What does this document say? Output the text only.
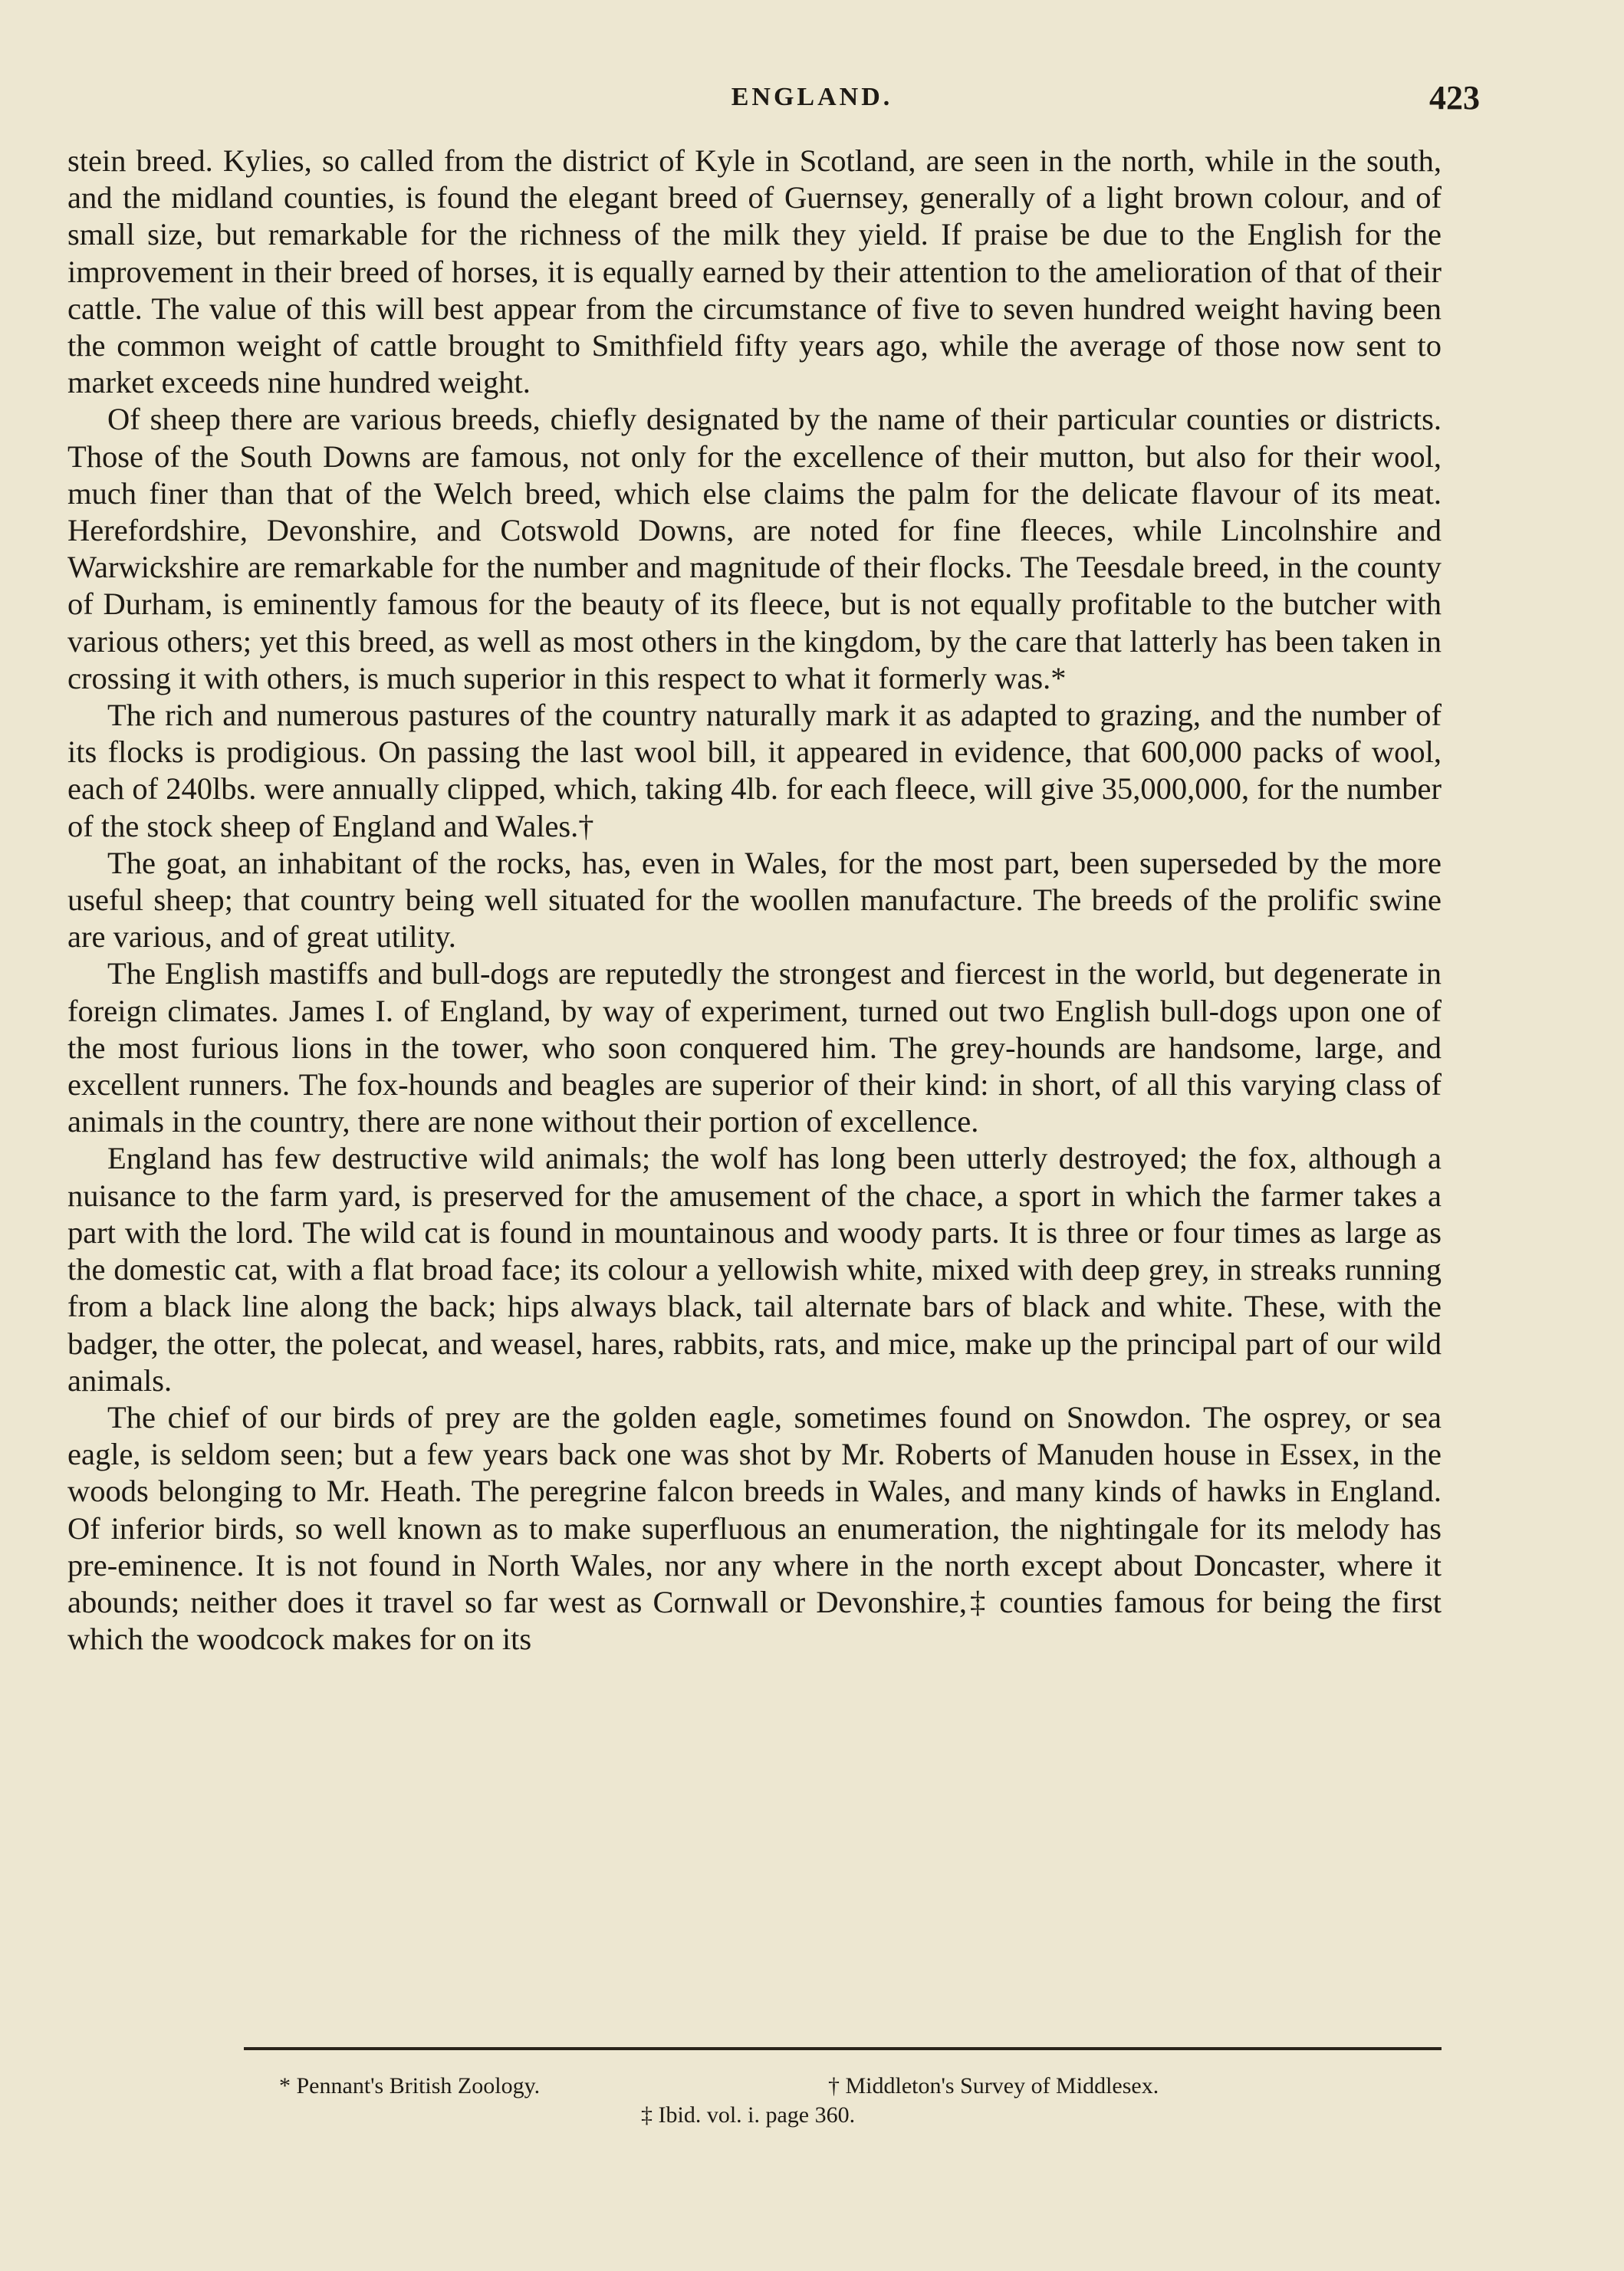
ENGLAND.	423

stein breed. Kylies, so called from the district of Kyle in Scotland, are seen in the north, while in the south, and the midland counties, is found the elegant breed of Guernsey, generally of a light brown colour, and of small size, but remarkable for the richness of the milk they yield. If praise be due to the English for the improvement in their breed of horses, it is equally earned by their attention to the amelioration of that of their cattle. The value of this will best appear from the circumstance of five to seven hundred weight having been the common weight of cattle brought to Smithfield fifty years ago, while the average of those now sent to market exceeds nine hundred weight.

Of sheep there are various breeds, chiefly designated by the name of their particular counties or districts. Those of the South Downs are famous, not only for the excellence of their mutton, but also for their wool, much finer than that of the Welch breed, which else claims the palm for the delicate flavour of its meat. Herefordshire, Devonshire, and Cotswold Downs, are noted for fine fleeces, while Lincolnshire and Warwickshire are remarkable for the number and magnitude of their flocks. The Teesdale breed, in the county of Durham, is eminently famous for the beauty of its fleece, but is not equally profitable to the butcher with various others; yet this breed, as well as most others in the kingdom, by the care that latterly has been taken in crossing it with others, is much superior in this respect to what it formerly was.*

The rich and numerous pastures of the country naturally mark it as adapted to grazing, and the number of its flocks is prodigious. On passing the last wool bill, it appeared in evidence, that 600,000 packs of wool, each of 240lbs. were annually clipped, which, taking 4lb. for each fleece, will give 35,000,000, for the number of the stock sheep of England and Wales.†

The goat, an inhabitant of the rocks, has, even in Wales, for the most part, been superseded by the more useful sheep; that country being well situated for the woollen manufacture. The breeds of the prolific swine are various, and of great utility.

The English mastiffs and bull-dogs are reputedly the strongest and fiercest in the world, but degenerate in foreign climates. James I. of England, by way of experiment, turned out two English bull-dogs upon one of the most furious lions in the tower, who soon conquered him. The grey-hounds are handsome, large, and excellent runners. The fox-hounds and beagles are superior of their kind: in short, of all this varying class of animals in the country, there are none without their portion of excellence.

England has few destructive wild animals; the wolf has long been utterly destroyed; the fox, although a nuisance to the farm yard, is preserved for the amusement of the chace, a sport in which the farmer takes a part with the lord. The wild cat is found in mountainous and woody parts. It is three or four times as large as the domestic cat, with a flat broad face; its colour a yellowish white, mixed with deep grey, in streaks running from a black line along the back; hips always black, tail alternate bars of black and white. These, with the badger, the otter, the polecat, and weasel, hares, rabbits, rats, and mice, make up the principal part of our wild animals.

The chief of our birds of prey are the golden eagle, sometimes found on Snowdon. The osprey, or sea eagle, is seldom seen; but a few years back one was shot by Mr. Roberts of Manuden house in Essex, in the woods belonging to Mr. Heath. The peregrine falcon breeds in Wales, and many kinds of hawks in England. Of inferior birds, so well known as to make superfluous an enumeration, the nightingale for its melody has pre-eminence. It is not found in North Wales, nor any where in the north except about Doncaster, where it abounds; neither does it travel so far west as Cornwall or Devonshire,‡ counties famous for being the first which the woodcock makes for on its

* Pennant's British Zoology.	† Middleton's Survey of Middlesex.
‡ Ibid. vol. i. page 360.
